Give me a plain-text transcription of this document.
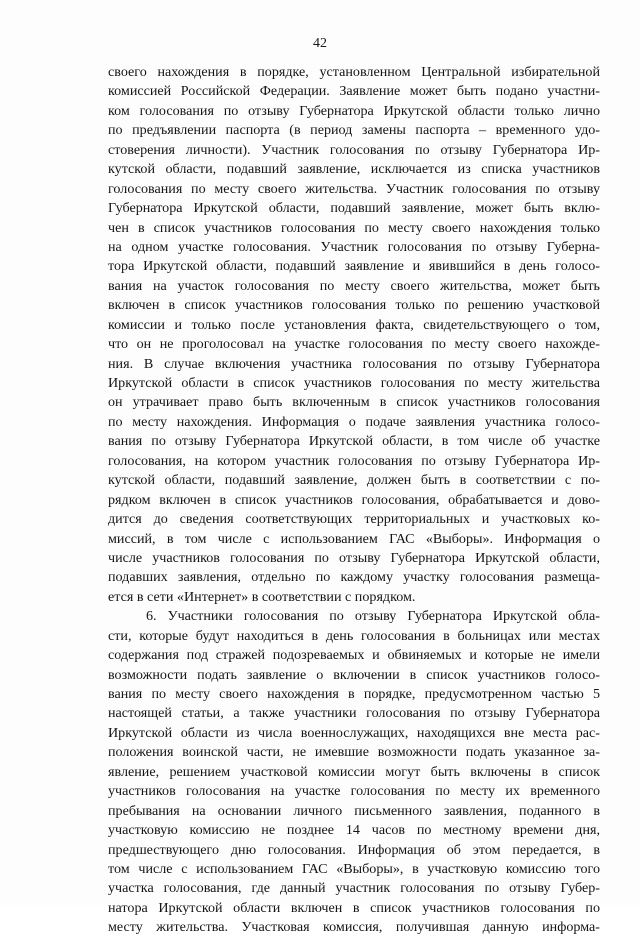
42
своего нахождения в порядке, установленном Центральной избирательной
комиссией Российской Федерации. Заявление может быть подано участни-
ком голосования по отзыву Губернатора Иркутской области только лично
по предъявлении паспорта (в период замены паспорта – временного удо-
стоверения личности). Участник голосования по отзыву Губернатора Ир-
кутской области, подавший заявление, исключается из списка участников
голосования по месту своего жительства. Участник голосования по отзыву
Губернатора Иркутской области, подавший заявление, может быть вклю-
чен в список участников голосования по месту своего нахождения только
на одном участке голосования. Участник голосования по отзыву Губерна-
тора Иркутской области, подавший заявление и явившийся в день голосо-
вания на участок голосования по месту своего жительства, может быть
включен в список участников голосования только по решению участковой
комиссии и только после установления факта, свидетельствующего о том,
что он не проголосовал на участке голосования по месту своего нахожде-
ния. В случае включения участника голосования по отзыву Губернатора
Иркутской области в список участников голосования по месту жительства
он утрачивает право быть включенным в список участников голосования
по месту нахождения. Информация о подаче заявления участника голосо-
вания по отзыву Губернатора Иркутской области, в том числе об участке
голосования, на котором участник голосования по отзыву Губернатора Ир-
кутской области, подавший заявление, должен быть в соответствии с по-
рядком включен в список участников голосования, обрабатывается и дово-
дится до сведения соответствующих территориальных и участковых ко-
миссий, в том числе с использованием ГАС «Выборы». Информация о
числе участников голосования по отзыву Губернатора Иркутской области,
подавших заявления, отдельно по каждому участку голосования размеща-
ется в сети «Интернет» в соответствии с порядком.
6. Участники голосования по отзыву Губернатора Иркутской обла-
сти, которые будут находиться в день голосования в больницах или местах
содержания под стражей подозреваемых и обвиняемых и которые не имели
возможности подать заявление о включении в список участников голосо-
вания по месту своего нахождения в порядке, предусмотренном частью 5
настоящей статьи, а также участники голосования по отзыву Губернатора
Иркутской области из числа военнослужащих, находящихся вне места рас-
положения воинской части, не имевшие возможности подать указанное за-
явление, решением участковой комиссии могут быть включены в список
участников голосования на участке голосования по месту их временного
пребывания на основании личного письменного заявления, поданного в
участковую комиссию не позднее 14 часов по местному времени дня,
предшествующего дню голосования. Информация об этом передается, в
том числе с использованием ГАС «Выборы», в участковую комиссию того
участка голосования, где данный участник голосования по отзыву Губер-
натора Иркутской области включен в список участников голосования по
месту жительства. Участковая комиссия, получившая данную информа-
